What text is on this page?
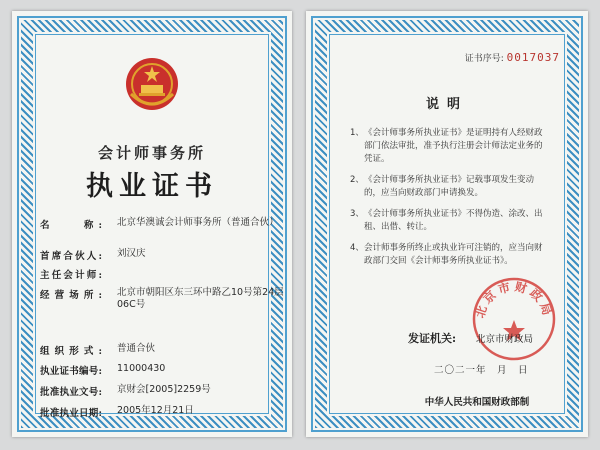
会计师事务所
执业证书
名　　称: 北京华澳诚会计师事务所（普通合伙）
首席合伙人: 刘汉庆
主任会计师:
经营场所: 北京市朝阳区东三环中路乙10号第24层06C号
组织形式: 普通合伙
执业证书编号: 11000430
批准执业文号: 京财会[2005]2259号
批准执业日期: 2005年12月21日
证书序号: 0017037
说明
1、 《会计师事务所执业证书》是证明持有人经财政部门依法审批，准予执行注册会计师法定业务的凭证。
2、 《会计师事务所执业证书》记载事项发生变动的，应当向财政部门申请换发。
3、 《会计师事务所执业证书》不得伪造、涂改、出租、出借、转让。
4、 会计师事务所终止或执业许可注销的，应当向财政部门交回《会计师事务所执业证书》。
北京市财政局
发证机关: 北京市财政局
二〇二一年　月　日
中华人民共和国财政部制
